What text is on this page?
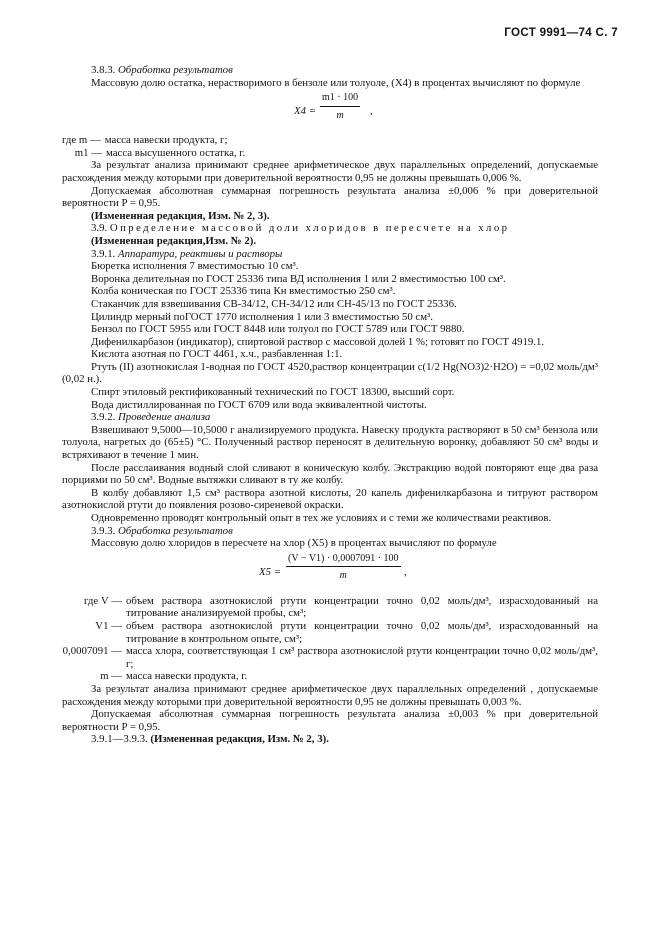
ГОСТ 9991—74 С. 7

3.8.3. Обработка результатов

Массовую долю остатка, нерастворимого в бензоле или толуоле, (X4) в процентах вычисляют по формуле

$X4 = \frac{m1 \cdot 100}{m}$ ,
где m — масса навески продукта, г;
m1 — масса высушенного остатка, г.

За результат анализа принимают среднее арифметическое двух параллельных определений, допускаемые расхождения между которыми при доверительной вероятности 0,95 не должны превышать 0,006 %.

Допускаемая абсолютная суммарная погрешность результата анализа ±0,006 % при доверительной вероятности P = 0,95.

(Измененная редакция, Изм. № 2, 3).

3.9. Определение массовой доли хлоридов в пересчете на хлор

(Измененная редакция,Изм. № 2).

3.9.1. Аппаратура, реактивы и растворы

Бюретка исполнения 7 вместимостью 10 см³.

Воронка делительная по ГОСТ 25336 типа ВД исполнения 1 или 2 вместимостью 100 см³.

Колба коническая по ГОСТ 25336 типа Кн вместимостью 250 см³.

Стаканчик для взвешивания СВ-34/12, СН-34/12 или СН-45/13 по ГОСТ 25336.

Цилиндр мерный поГОСТ 1770 исполнения 1 или 3 вместимостью 50 см³.

Бензол по ГОСТ 5955 или ГОСТ 8448 или толуол по ГОСТ 5789 или ГОСТ 9880.

Дифенилкарбазон (индикатор), спиртовой раствор с массовой долей 1 %; готовят по ГОСТ 4919.1.

Кислота азотная по ГОСТ 4461, х.ч., разбавленная 1:1.

Ртуть (II) азотнокислая 1-водная по ГОСТ 4520,раствор концентрации c(1/2 Hg(NO3)2·H2O) = =0,02 моль/дм³ (0,02 н.).

Спирт этиловый ректификованный технический по ГОСТ 18300, высший сорт.

Вода дистиллированная по ГОСТ 6709 или вода эквивалентной чистоты.

3.9.2. Проведение анализа

Взвешивают 9,5000—10,5000 г анализируемого продукта. Навеску продукта растворяют в 50 см³ бензола или толуола, нагретых до (65±5) °С. Полученный раствор переносят в делительную воронку, добавляют 50 см³ воды и встряхивают в течение 1 мин.

После расслаивания водный слой сливают в коническую колбу. Экстракцию водой повторяют еще два раза порциями по 50 см³. Водные вытяжки сливают в ту же колбу.

В колбу добавляют 1,5 см³ раствора азотной кислоты, 20 капель дифенилкарбазона и титруют раствором азотнокислой ртути до появления розово-сиреневой окраски.

Одновременно проводят контрольный опыт в тех же условиях и с теми же количествами реактивов.

3.9.3. Обработка результатов

Массовую долю хлоридов в пересчете на хлор (X5) в процентах вычисляют по формуле

$X5 = \frac{(V - V1) \cdot 0,0007091 \cdot 100}{m}$ ,
где V — объем раствора азотнокислой ртути концентрации точно 0,02 моль/дм³, израсходованный на титрование анализируемой пробы, см³;
V1 — объем раствора азотнокислой ртути концентрации точно 0,02 моль/дм³, израсходованный на титрование в контрольном опыте, см³;
0,0007091 — масса хлора, соответствующая 1 см³ раствора азотнокислой ртути концентрации точно 0,02 моль/дм³, г;
m — масса навески продукта, г.

За результат анализа принимают среднее арифметическое двух параллельных определений , допускаемые расхождения между которыми при доверительной вероятности 0,95 не должны превышать 0,003 %.

Допускаемая абсолютная суммарная погрешность результата анализа ±0,003 % при доверительной вероятности P = 0,95.

3.9.1—3.9.3. (Измененная редакция, Изм. № 2, 3).
